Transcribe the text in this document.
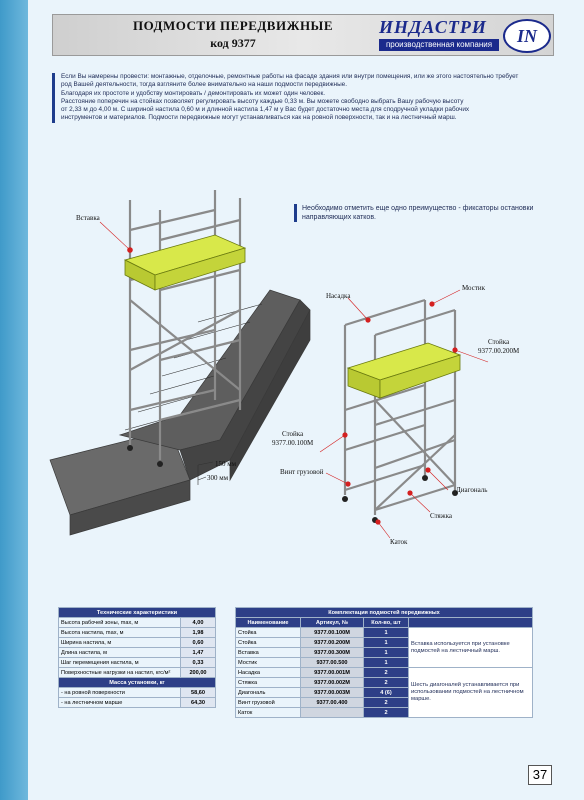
ПОДМОСТИ ПЕРЕДВИЖНЫЕ
код 9377
ИНДАСТРИ
производственная компания	IN

Если Вы намерены провести: монтажные, отделочные, ремонтные работы на фасаде здания или внутри помещения, или же этого настоятельно требует

род Вашей деятельности, тогда взгляните более внимательно на наши подмости передвижные.

Благодаря их простоте и удобству монтировать / демонтировать их может один человек.

Расстояние поперечин на стойках позволяет регулировать высоту каждые 0,33 м. Вы можете свободно выбрать Вашу рабочую высоту

от 2,33 м до 4,00 м. С шириной настила 0,60 м и длинной настила 1,47 м у Вас будет достаточно места для сподручной укладки рабочих

инструментов и материалов. Подмости передвижные могут устанавливаться как на ровной поверхности, так и на лестничный марш.

Вставка
Насадка
Мостик
Стойка
9377.00.200М
Стойка
9377.00.100М
Винт грузовой
Диагональ
Стяжка
Каток
150 мм
300 мм
Необходимо отметить еще одно преимущество - фиксаторы остановки направляющих катков.
Технические характеристики	
Высота рабочей зоны, max, м	4,00
Высота настила, max, м	1,98
Ширина настила, м	0,60
Длина настила, м	1,47
Шаг перемещения настила, м	0,33
Поверхностные нагрузки на настил, кгс/м²	200,00
Масса установки, кг	
- на ровной поверхности	58,60
- на лестничном марше	64,30
Комплектация подмостей передвижных			
Наименование	Артикул, №	Кол-во, шт	
Стойка	9377.00.100М	1	Вставка используется при установке подмостей на лестничный марш.
Стойка	9377.00.200М	1	
Вставка	9377.00.300М	1	
Мостик	9377.00.500	1	
Насадка	9377.00.001М	2	Шесть диагоналей устанавливается при использовании подмостей на лестничном марше.
Стяжка	9377.00.002М	2	
Диагональ	9377.00.003М	4 (6)	
Винт грузовой	9377.00.400	2	
Каток		2	
37
